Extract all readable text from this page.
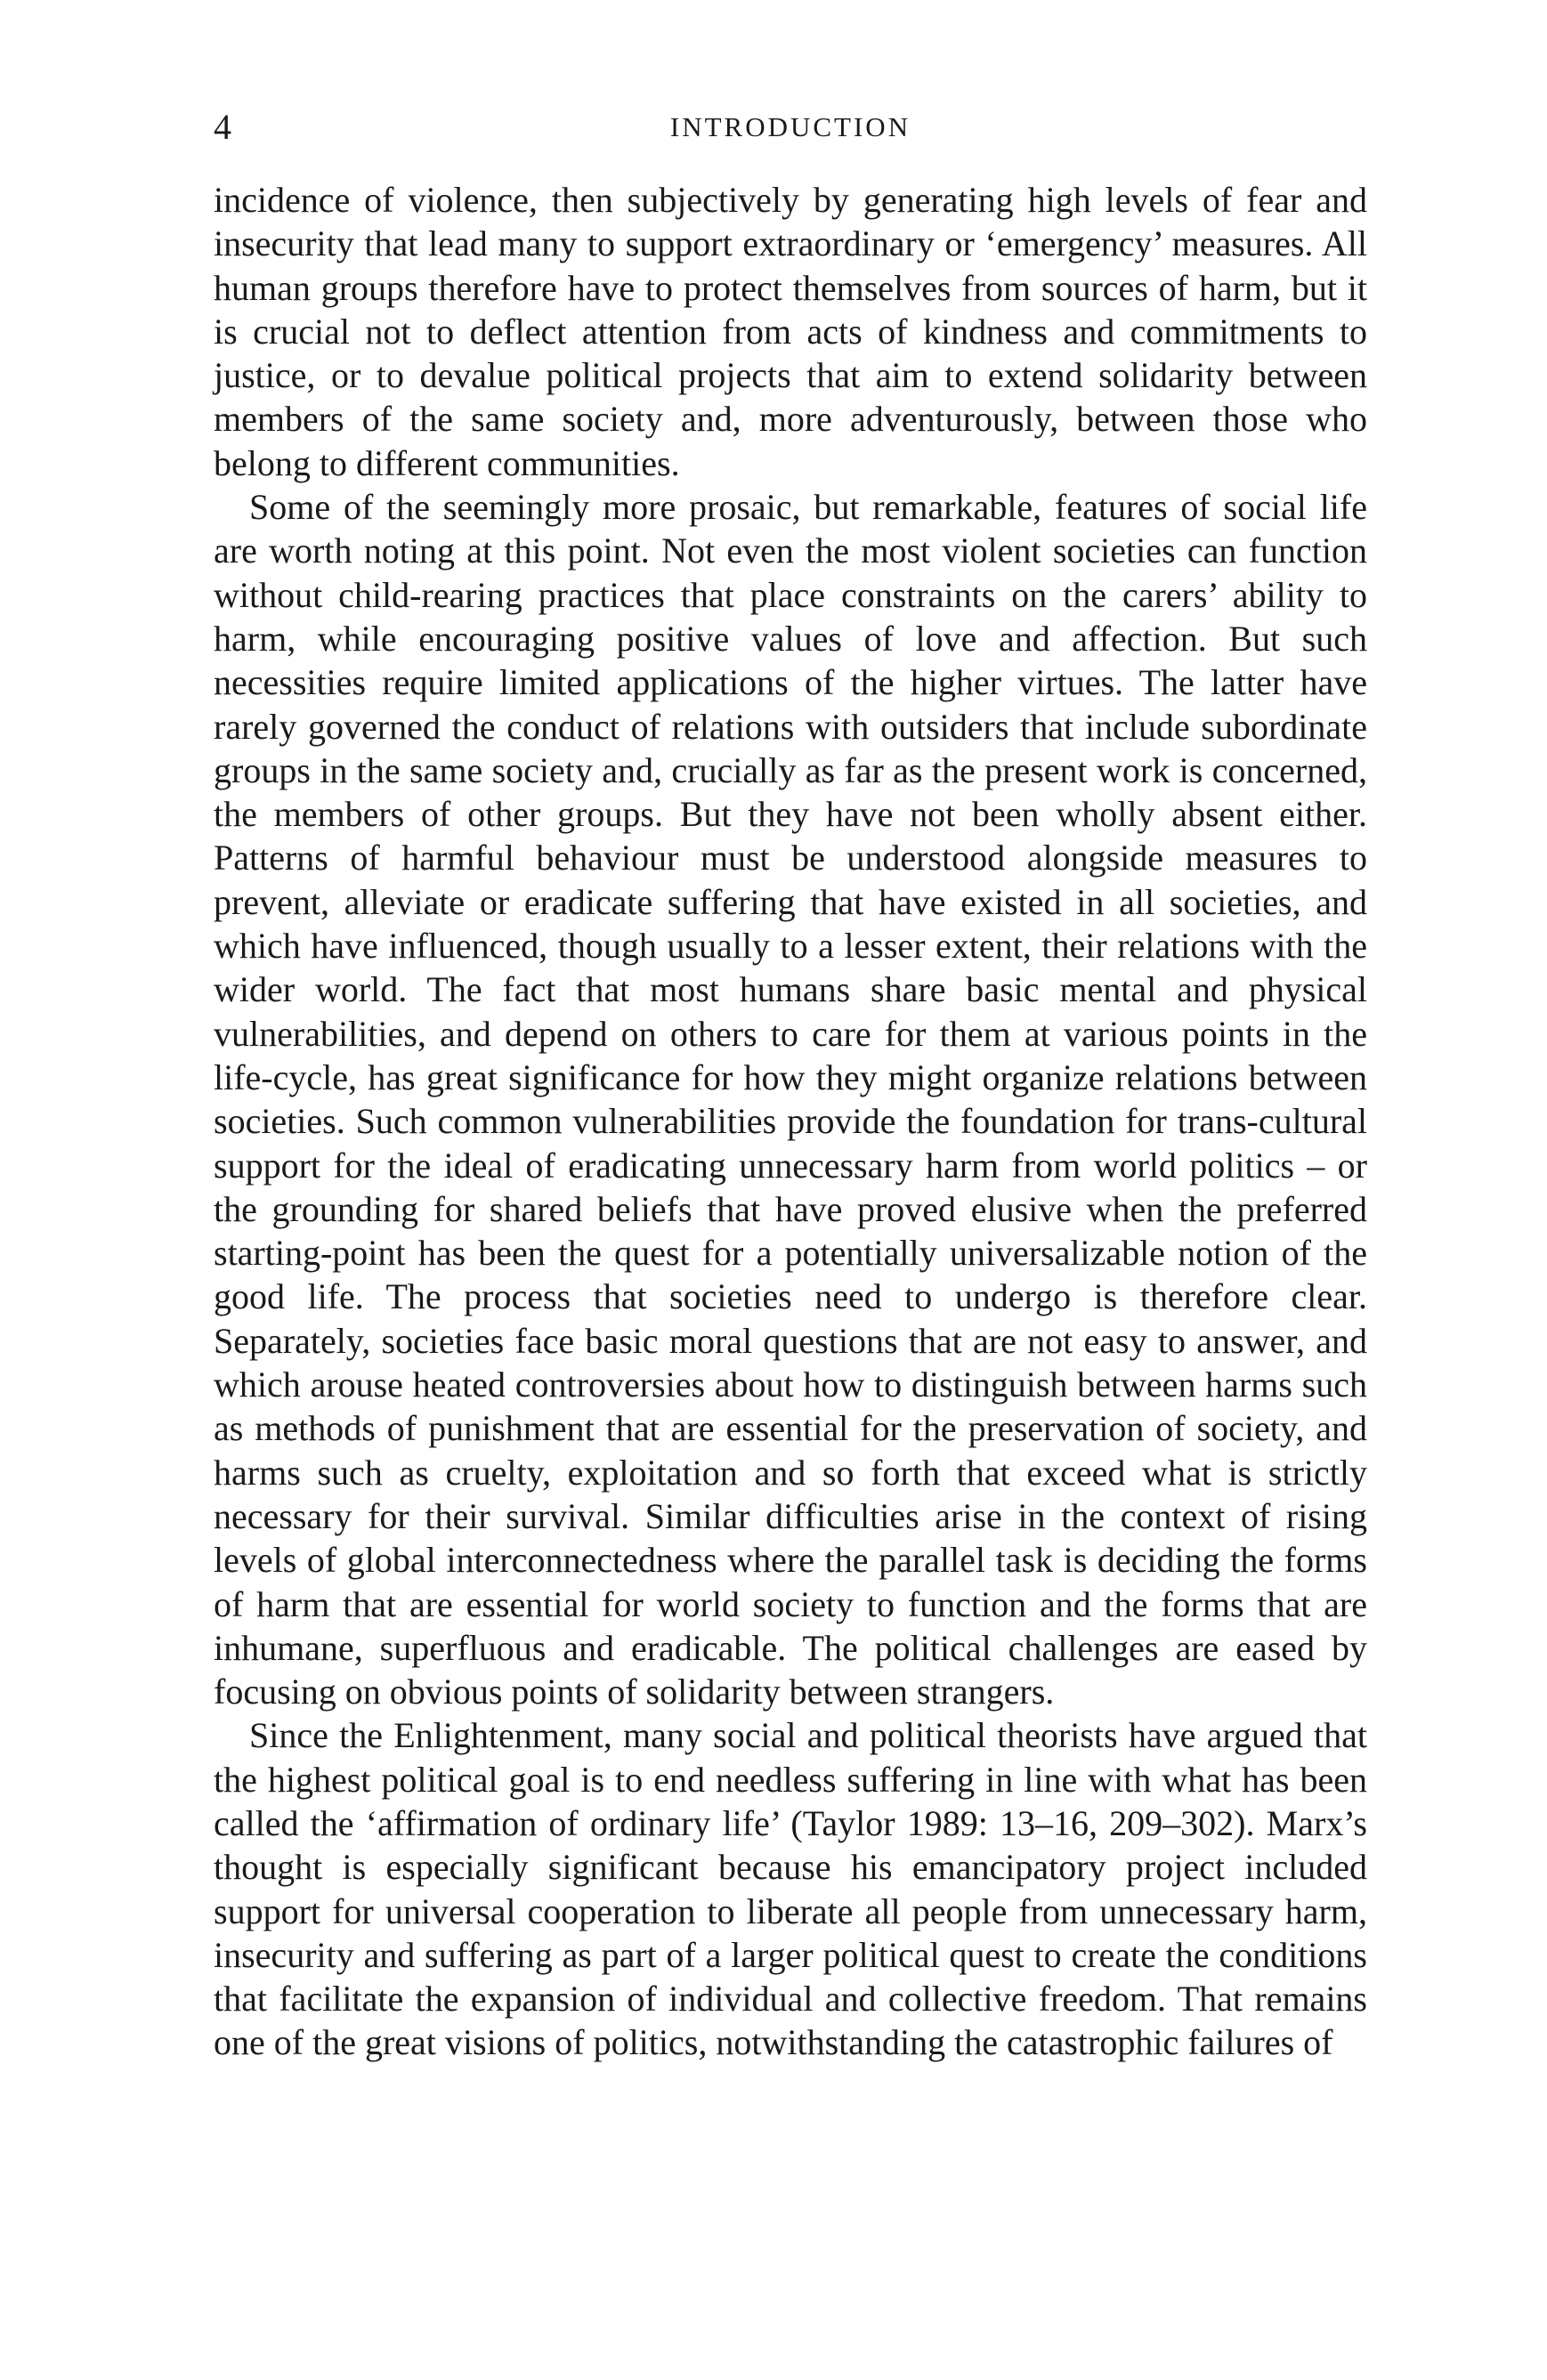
4	INTRODUCTION

incidence of violence, then subjectively by generating high levels of fear and insecurity that lead many to support extraordinary or ‘emergency’ measures. All human groups therefore have to protect themselves from sources of harm, but it is crucial not to deflect attention from acts of kindness and commitments to justice, or to devalue political projects that aim to extend solidarity between members of the same society and, more adventurously, between those who belong to different communities.

Some of the seemingly more prosaic, but remarkable, features of social life are worth noting at this point. Not even the most violent societies can function without child-rearing practices that place constraints on the carers’ ability to harm, while encouraging positive values of love and affection. But such necessities require limited applications of the higher virtues. The latter have rarely governed the conduct of relations with outsiders that include subordinate groups in the same society and, crucially as far as the present work is concerned, the members of other groups. But they have not been wholly absent either. Patterns of harmful behaviour must be understood alongside measures to prevent, alleviate or eradicate suffering that have existed in all societies, and which have influenced, though usually to a lesser extent, their relations with the wider world. The fact that most humans share basic mental and physical vulnerabilities, and depend on others to care for them at various points in the life-cycle, has great significance for how they might organize relations between societies. Such common vulnerabilities provide the foundation for trans-cultural support for the ideal of eradicating unnecessary harm from world politics – or the grounding for shared beliefs that have proved elusive when the preferred starting-point has been the quest for a potentially universalizable notion of the good life. The process that societies need to undergo is therefore clear. Separately, societies face basic moral questions that are not easy to answer, and which arouse heated controversies about how to distinguish between harms such as methods of punishment that are essential for the preservation of society, and harms such as cruelty, exploitation and so forth that exceed what is strictly necessary for their survival. Similar difficulties arise in the context of rising levels of global interconnectedness where the parallel task is deciding the forms of harm that are essential for world society to function and the forms that are inhumane, superfluous and eradicable. The political challenges are eased by focusing on obvious points of solidarity between strangers.

Since the Enlightenment, many social and political theorists have argued that the highest political goal is to end needless suffering in line with what has been called the ‘affirmation of ordinary life’ (Taylor 1989: 13–16, 209–302). Marx’s thought is especially significant because his emancipatory project included support for universal cooperation to liberate all people from unnecessary harm, insecurity and suffering as part of a larger political quest to create the conditions that facilitate the expansion of individual and collective freedom. That remains one of the great visions of politics, notwithstanding the catastrophic failures of
